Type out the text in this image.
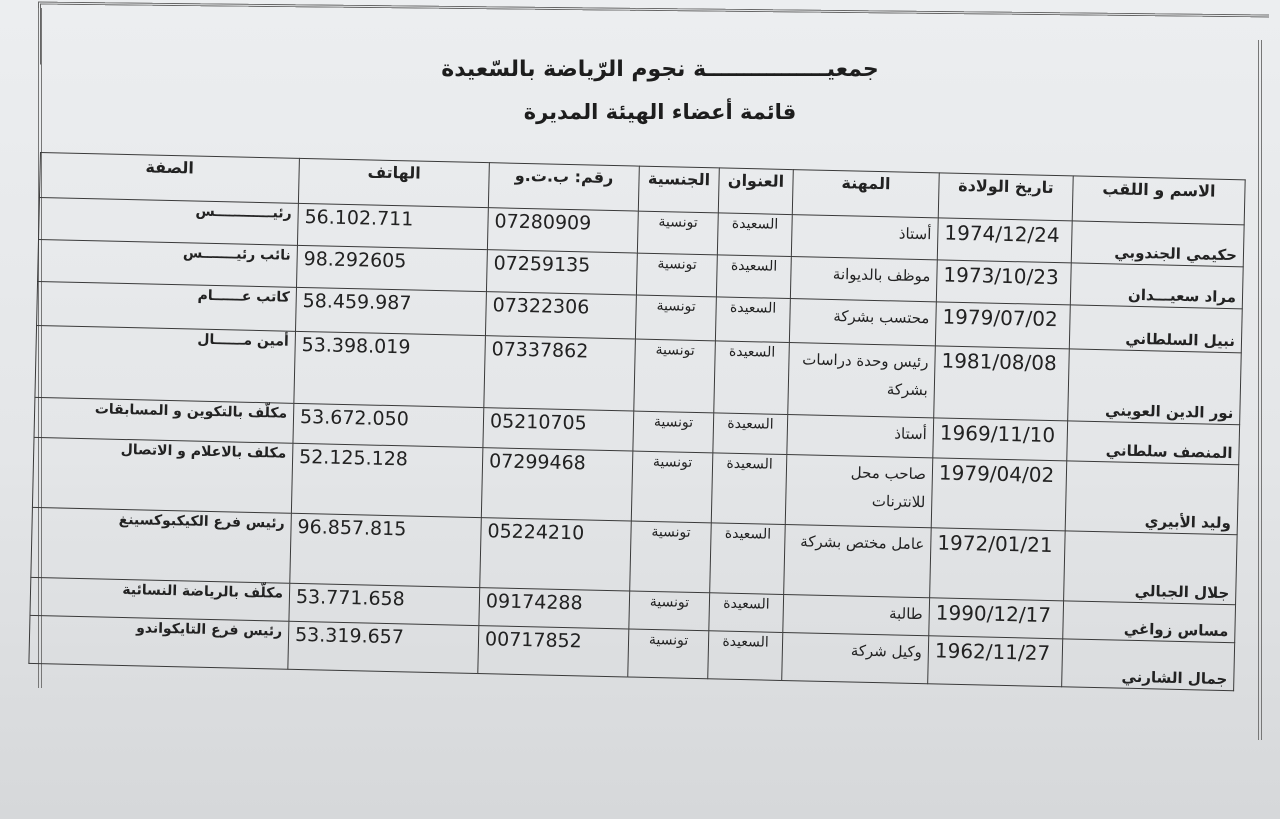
جمعيــــــــــــــــة نجوم الرّياضة بالسّعيدة
قائمة أعضاء الهيئة المديرة
الاسم و اللقب	تاريخ الولادة	المهنة	العنوان	الجنسية	رقم: ب.ت.و	الهاتف	الصفة
حكيمي الجندوبي	1974/12/24	أستاذ	السعيدة	تونسية	07280909	56.102.711	رئيــــــــــــس
مراد سعيـــدان	1973/10/23	موظف بالديوانة	السعيدة	تونسية	07259135	98.292605	نائب رئيـــــــس
نبيل السلطاني	1979/07/02	محتسب بشركة	السعيدة	تونسية	07322306	58.459.987	كاتب عــــــام
نور الدين العويني	1981/08/08	رئيس وحدة دراسات بشركة	السعيدة	تونسية	07337862	53.398.019	أمين مــــــال
المنصف سلطاني	1969/11/10	أستاذ	السعيدة	تونسية	05210705	53.672.050	مكلّف بالتكوين و المسابقات
وليد الأبيري	1979/04/02	صاحب محل للانترنات	السعيدة	تونسية	07299468	52.125.128	مكلف بالاعلام و الاتصال
جلال الجبالي	1972/01/21	عامل مختص بشركة	السعيدة	تونسية	05224210	96.857.815	رئيس فرع الكيكبوكسينغ
مساس زواغي	1990/12/17	طالبة	السعيدة	تونسية	09174288	53.771.658	مكلّف بالرياضة النسائية
جمال الشارني	1962/11/27	وكيل شركة	السعيدة	تونسية	00717852	53.319.657	رئيس فرع التايكواندو
